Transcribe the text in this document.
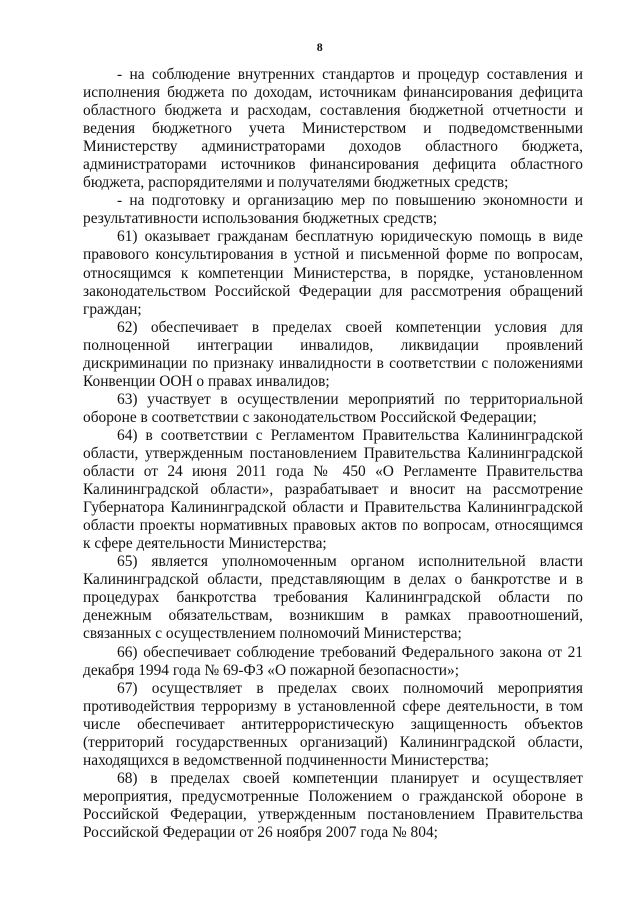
8

- на соблюдение внутренних стандартов и процедур составления и исполнения бюджета по доходам, источникам финансирования дефицита областного бюджета и расходам, составления бюджетной отчетности и ведения бюджетного учета Министерством и подведомственными Министерству администраторами доходов областного бюджета, администраторами источников финансирования дефицита областного бюджета, распорядителями и получателями бюджетных средств;

- на подготовку и организацию мер по повышению экономности и результативности использования бюджетных средств;

61) оказывает гражданам бесплатную юридическую помощь в виде правового консультирования в устной и письменной форме по вопросам, относящимся к компетенции Министерства, в порядке, установленном законодательством Российской Федерации для рассмотрения обращений граждан;

62) обеспечивает в пределах своей компетенции условия для полноценной интеграции инвалидов, ликвидации проявлений дискриминации по признаку инвалидности в соответствии с положениями Конвенции ООН о правах инвалидов;

63) участвует в осуществлении мероприятий по территориальной обороне в соответствии с законодательством Российской Федерации;

64) в соответствии с Регламентом Правительства Калининградской области, утвержденным постановлением Правительства Калининградской области от 24 июня 2011 года № 450 «О Регламенте Правительства Калининградской области», разрабатывает и вносит на рассмотрение Губернатора Калининградской области и Правительства Калининградской области проекты нормативных правовых актов по вопросам, относящимся к сфере деятельности Министерства;

65) является уполномоченным органом исполнительной власти Калининградской области, представляющим в делах о банкротстве и в процедурах банкротства требования Калининградской области по денежным обязательствам, возникшим в рамках правоотношений, связанных с осуществлением полномочий Министерства;

66) обеспечивает соблюдение требований Федерального закона от 21 декабря 1994 года № 69-ФЗ «О пожарной безопасности»;

67) осуществляет в пределах своих полномочий мероприятия противодействия терроризму в установленной сфере деятельности, в том числе обеспечивает антитеррористическую защищенность объектов (территорий государственных организаций) Калининградской области, находящихся в ведомственной подчиненности Министерства;

68) в пределах своей компетенции планирует и осуществляет мероприятия, предусмотренные Положением о гражданской обороне в Российской Федерации, утвержденным постановлением Правительства Российской Федерации от 26 ноября 2007 года № 804;
